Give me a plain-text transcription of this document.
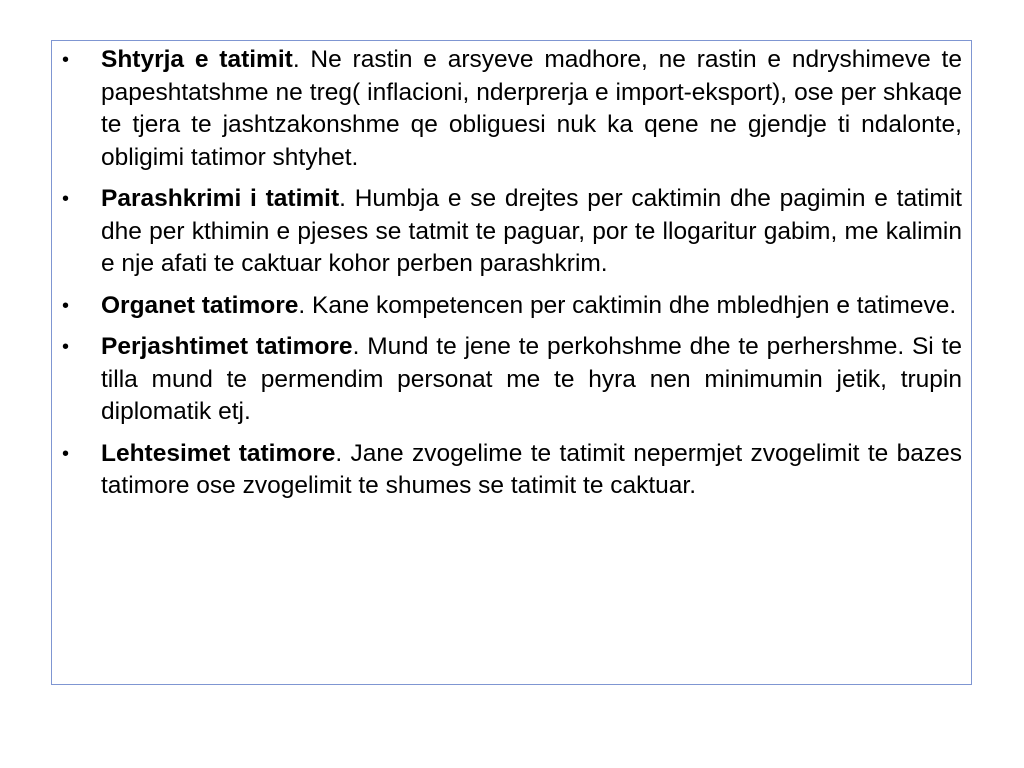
•	Shtyrja e tatimit. Ne rastin e arsyeve madhore, ne rastin e ndryshimeve te papeshtatshme ne treg( inflacioni, nderprerja e import-eksport), ose per shkaqe te tjera te jashtzakonshme qe obliguesi nuk ka qene ne gjendje ti ndalonte, obligimi tatimor shtyhet.
•	Parashkrimi i tatimit. Humbja e se drejtes per caktimin dhe pagimin e tatimit dhe per kthimin e pjeses se tatmit te paguar, por te llogaritur gabim, me kalimin e nje afati te caktuar kohor perben parashkrim.
•	Organet tatimore. Kane kompetencen per caktimin dhe mbledhjen e tatimeve.
•	Perjashtimet tatimore. Mund te jene te perkohshme dhe te perhershme. Si te tilla mund te permendim personat me te hyra nen minimumin jetik, trupin diplomatik etj.
•	Lehtesimet tatimore. Jane zvogelime te tatimit nepermjet zvogelimit te bazes tatimore ose zvogelimit te shumes se tatimit te caktuar.
